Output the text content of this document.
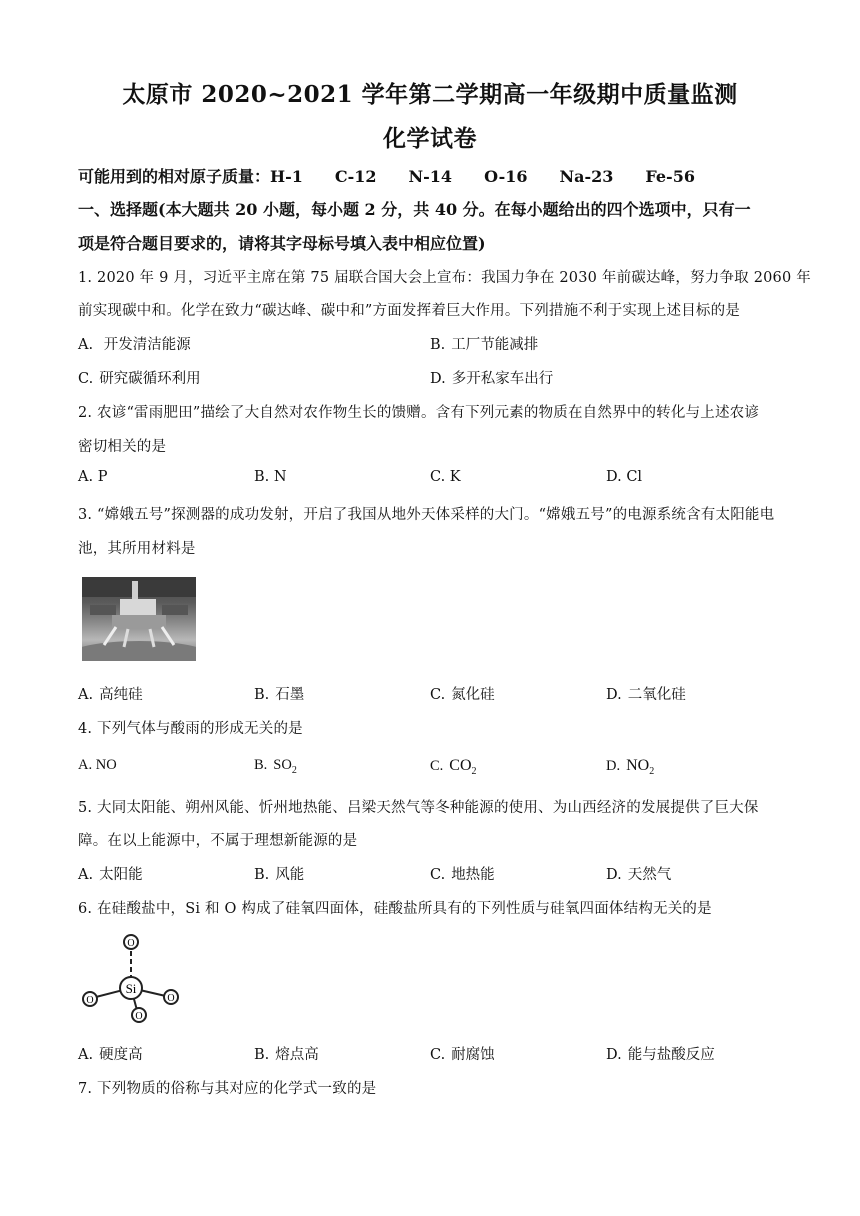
太原市 2020~2021 学年第二学期高一年级期中质量监测
化学试卷
可能用到的相对原子质量：H-1　　C-12　　N-14　　O-16　　Na-23　　Fe-56
一、选择题(本大题共 20 小题，每小题 2 分，共 40 分。在每小题给出的四个选项中，只有一
项是符合题目要求的，请将其字母标号填入表中相应位置)
1. 2020 年 9 月，习近平主席在第 75 届联合国大会上宣布：我国力争在 2030 年前碳达峰，努力争取 2060 年
前实现碳中和。化学在致力“碳达峰、碳中和”方面发挥着巨大作用。下列措施不利于实现上述目标的是
A. 开发清洁能源	B. 工厂节能减排
C. 研究碳循环利用	D. 多开私家车出行
2. 农谚“雷雨肥田”描绘了大自然对农作物生长的馈赠。含有下列元素的物质在自然界中的转化与上述农谚
密切相关的是
A. P	B. N	C. K	D. Cl
3. “嫦娥五号”探测器的成功发射，开启了我国从地外天体采样的大门。“嫦娥五号”的电源系统含有太阳能电
池，其所用材料是
A. 高纯硅	B. 石墨	C. 氮化硅	D. 二氧化硅
4. 下列气体与酸雨的形成无关的是
A. NO	B. $SO_2$	C. $CO_2$	D. $NO_2$
5. 大同太阳能、朔州风能、忻州地热能、吕梁天然气等冬种能源的使用、为山西经济的发展提供了巨大保
障。在以上能源中，不属于理想新能源的是
A. 太阳能	B. 风能	C. 地热能	D. 天然气
6. 在硅酸盐中，Si 和 O 构成了硅氧四面体，硅酸盐所具有的下列性质与硅氧四面体结构无关的是
Si
O
O	O
O
A. 硬度高	B. 熔点高	C. 耐腐蚀	D. 能与盐酸反应
7. 下列物质的俗称与其对应的化学式一致的是
